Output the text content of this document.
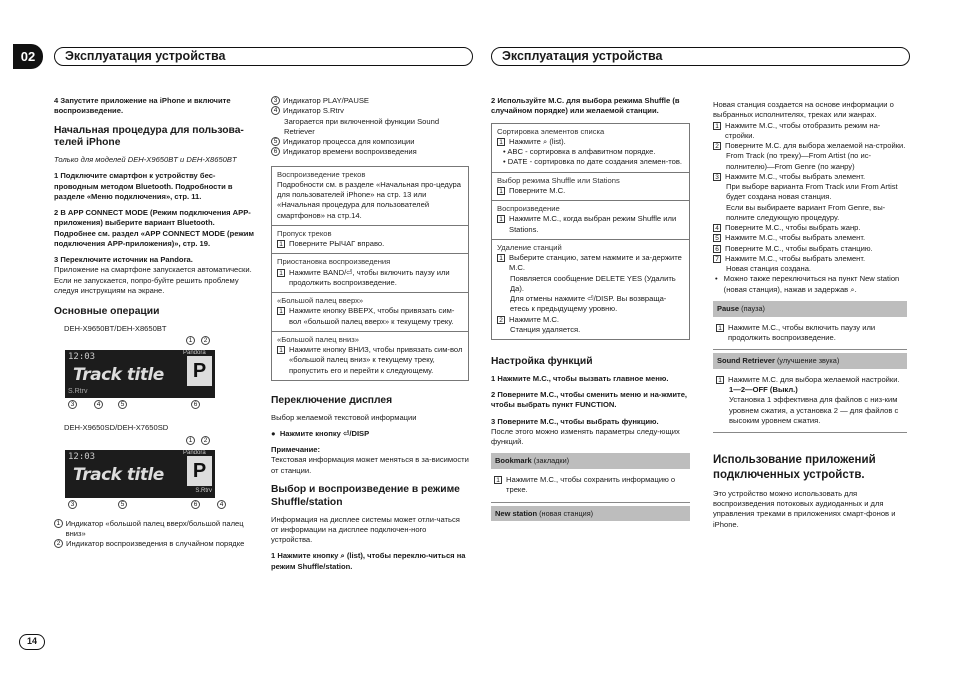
02	Эксплуатация устройства	Эксплуатация устройства

4 Запустите приложение на iPhone и включите воспроизведение.

Начальная процедура для пользова-телей iPhone

Только для моделей DEH-X9650BT и DEH-X8650BT

1 Подключите смартфон к устройству бес-проводным методом Bluetooth. Подробности в разделе «Меню подключения», стр. 11.

2 В APP CONNECT MODE (Режим подключения APP-приложения) выберите вариант Bluetooth. Подробнее см. раздел «APP CONNECT MODE (режим подключения APP-приложения)», стр. 19.

3 Переключите источник на Pandora.

Приложение на смартфоне запускается автоматически. Если не запускается, попро-буйте решить проблему следуя инструкциям на экране.

Основные операции
DEH-X9650BT/DEH-X8650BT
1	2
12:03	Pandora
Track title
S.Rtrv
P
3	4	5	6
DEH-X9650SD/DEH-X7650SD
1	2
12:03	Pandora
Track title P
S.Rtrv
3	5	6	4
1 Индикатор «большой палец вверх/большой палец вниз»
2 Индикатор воспроизведения в случайном порядке
3 Индикатор PLAY/PAUSE
4 Индикатор S.Rtrv
Загорается при включенной функции Sound Retriever
5 Индикатор процесса для композиции
6 Индикатор времени воспроизведения
Воспроизведение треков
Подробности см. в разделе «Начальная про-цедура для пользователей iPhone» на стр. 13 или «Начальная процедура для пользователей смартфонов» на стр.14.
Пропуск треков
1 Поверните РЫЧАГ вправо.
Приостановка воспроизведения
1 Нажмите BAND/⏎, чтобы включить паузу или продолжить воспроизведение.
«Большой палец вверх»
1 Нажмите кнопку ВВЕРХ, чтобы привязать сим-вол «большой палец вверх» к текущему треку.
«Большой палец вниз»
1 Нажмите кнопку ВНИЗ, чтобы привязать сим-вол «большой палец вниз» к текущему треку, пропустить его и перейти к следующему.
Переключение дисплея

Выбор желаемой текстовой информации

●  Нажмите кнопку ⏎/DISP

Примечание:

Текстовая информация может меняться в за-висимости от станции.

Выбор и воспроизведение в режиме Shuffle/station

Информация на дисплее системы может отли-чаться от информации на дисплее подключен-ного устройства.

1 Нажмите кнопку ⌕ (list), чтобы переклю-читься на режим Shuffle/station.

2 Используйте M.C. для выбора режима Shuffle (в случайном порядке) или желаемой станции.

Сортировка элементов списка
1 Нажмите ⌕ (list).
• ABC - сортировка в алфавитном порядке.
• DATE - сортировка по дате создания элемен-тов.
Выбор режима Shuffle или Stations
1 Поверните M.C.
Воспроизведение
1 Нажмите M.C., когда выбран режим Shuffle или Stations.
Удаление станций
1 Выберите станцию, затем нажмите и за-держите M.C.
Появляется сообщение DELETE YES (Удалить Да).
Для отмены нажмите ⏎/DISP. Вы возвраща-етесь к предыдущему уровню.
2 Нажмите M.C.
Станция удаляется.
Настройка функций

1 Нажмите M.C., чтобы вызвать главное меню.

2 Поверните M.C., чтобы сменить меню и на-жмите, чтобы выбрать пункт FUNCTION.

3 Поверните M.C., чтобы выбрать функцию.

После этого можно изменять параметры следу-ющих функций.

Bookmark (закладки)
1 Нажмите M.C., чтобы сохранить информацию о треке.
New station (новая станция)
Новая станция создается на основе информации о выбранных исполнителях, треках или жанрах.
1 Нажмите M.C., чтобы отобразить режим на-стройки.
2 Поверните M.C. для выбора желаемой на-стройки.
From Track (по треку)—From Artist (по ис-полнителю)—From Genre (по жанру)
3 Нажмите M.C., чтобы выбрать элемент.
При выборе варианта From Track или From Artist будет создана новая станция.
Если вы выбираете вариант From Genre, вы-полните следующую процедуру.
4 Поверните M.C., чтобы выбрать жанр.
5 Нажмите M.C., чтобы выбрать элемент.
6 Поверните M.C., чтобы выбрать станцию.
7 Нажмите M.C., чтобы выбрать элемент.
Новая станция создана.
• Можно также переключиться на пункт New station (новая станция), нажав и задержав ⌕.
Pause (пауза)
1 Нажмите M.C., чтобы включить паузу или продолжить воспроизведение.
Sound Retriever (улучшение звука)
1 Нажмите M.C. для выбора желаемой настройки.
1—2—OFF (Выкл.)
Установка 1 эффективна для файлов с низ-ким уровнем сжатия, а установка 2 — для файлов с высоким уровнем сжатия.
Использование приложений подключенных устройств.

Это устройство можно использовать для воспроизведения потоковых аудиоданных и для управления треками в приложениях смарт-фонов и iPhone.

14
